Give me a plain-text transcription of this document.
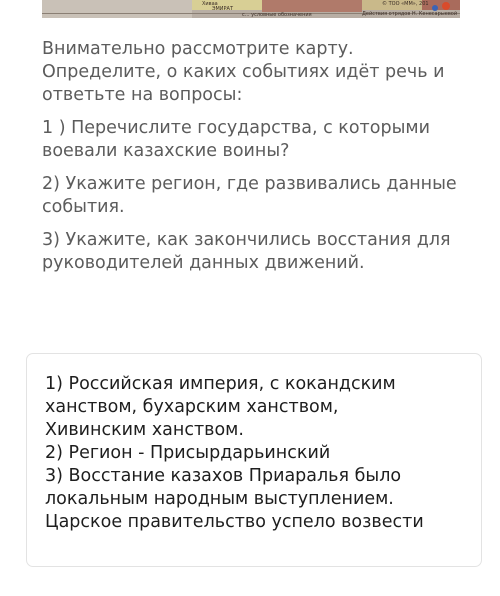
Хиваа
ЭМИРАТ
© ТОО «ММ», 201
Действия отрядов Н. Кенесарыевой
с... условные обозначения

Внимательно рассмотрите карту. Определите, о каких событиях идёт речь и ответьте на вопросы:

1 ) Перечислите государства, с которыми воевали казахские воины?

2) Укажите регион, где развивались данные события.

3) Укажите, как закончились восстания для руководителей данных движений.

1) Российская империя, с кокандским
ханством, бухарским ханством,
Хивинским ханством.
2) Регион - Присырдарьинский
3) Восстание казахов Приаралья было
локальным народным выступлением.
Царское правительство успело возвести
